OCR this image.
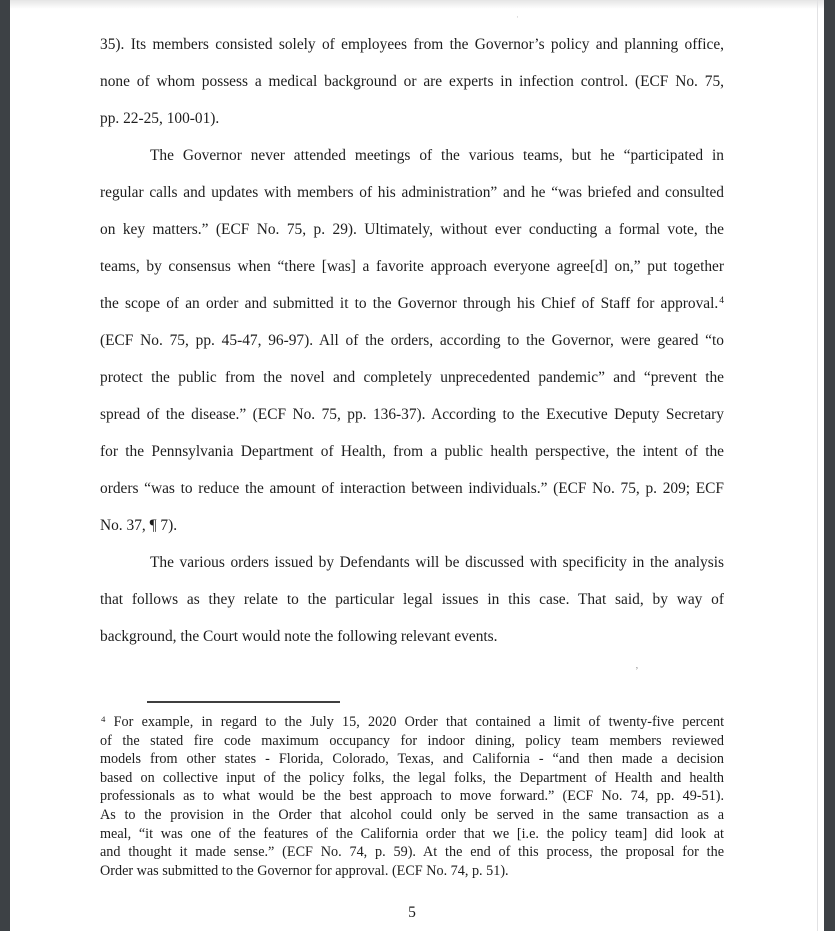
35). Its members consisted solely of employees from the Governor’s policy and planning office,
none of whom possess a medical background or are experts in infection control. (ECF No. 75,
pp. 22-25, 100-01).
The Governor never attended meetings of the various teams, but he “participated in
regular calls and updates with members of his administration” and he “was briefed and consulted
on key matters.” (ECF No. 75, p. 29). Ultimately, without ever conducting a formal vote, the
teams, by consensus when “there [was] a favorite approach everyone agree[d] on,” put together
the scope of an order and submitted it to the Governor through his Chief of Staff for approval.$^4$
(ECF No. 75, pp. 45-47, 96-97). All of the orders, according to the Governor, were geared “to
protect the public from the novel and completely unprecedented pandemic” and “prevent the
spread of the disease.” (ECF No. 75, pp. 136-37). According to the Executive Deputy Secretary
for the Pennsylvania Department of Health, from a public health perspective, the intent of the
orders “was to reduce the amount of interaction between individuals.” (ECF No. 75, p. 209; ECF
No. 37, ¶ 7).
The various orders issued by Defendants will be discussed with specificity in the analysis
that follows as they relate to the particular legal issues in this case. That said, by way of
background, the Court would note the following relevant events.
$^4$ For example, in regard to the July 15, 2020 Order that contained a limit of twenty-five percent
of the stated fire code maximum occupancy for indoor dining, policy team members reviewed
models from other states - Florida, Colorado, Texas, and California - “and then made a decision
based on collective input of the policy folks, the legal folks, the Department of Health and health
professionals as to what would be the best approach to move forward.” (ECF No. 74, pp. 49-51).
As to the provision in the Order that alcohol could only be served in the same transaction as a
meal, “it was one of the features of the California order that we [i.e. the policy team] did look at
and thought it made sense.” (ECF No. 74, p. 59). At the end of this process, the proposal for the
Order was submitted to the Governor for approval. (ECF No. 74, p. 51).
5
’
·
